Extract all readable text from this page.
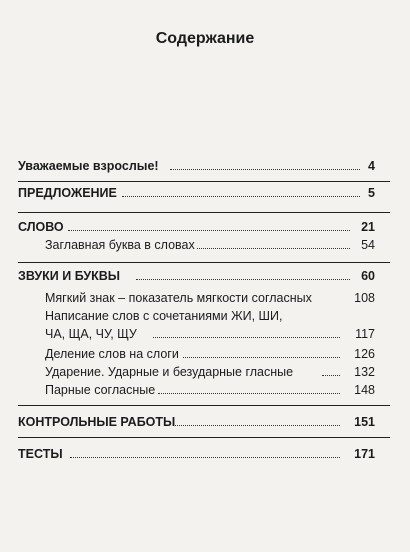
Содержание
Уважаемые взрослые!	4
ПРЕДЛОЖЕНИЕ	5
СЛОВО	21
Заглавная буква в словах	54
ЗВУКИ И БУКВЫ	60
Мягкий знак – показатель мягкости согласных	108
Написание слов с сочетаниями ЖИ, ШИ,
ЧА, ЩА, ЧУ, ЩУ	117
Деление слов на слоги	126
Ударение. Ударные и безударные гласные	132
Парные согласные	148
КОНТРОЛЬНЫЕ РАБОТЫ	151
ТЕСТЫ	171
